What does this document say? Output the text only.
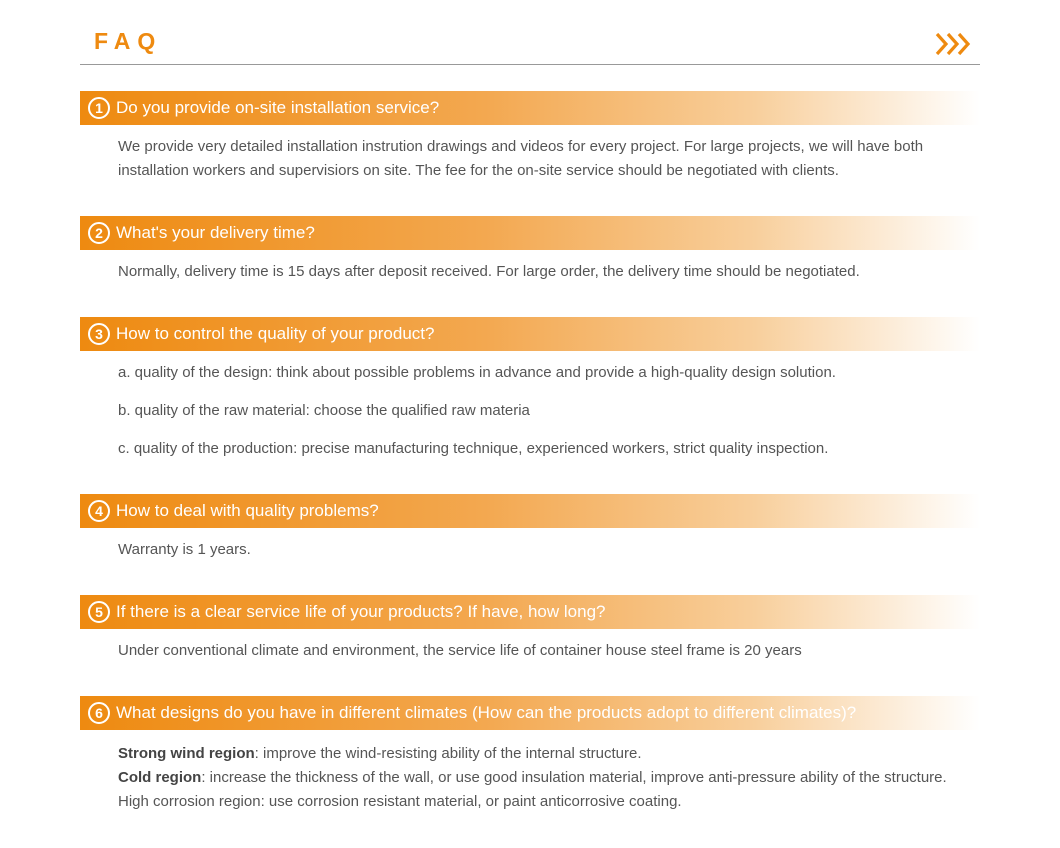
FAQ
1 Do you provide on-site installation service?

We provide very detailed installation instrution drawings and videos for every project. For large projects, we will have both installation workers and supervisiors on site. The fee for the on-site service should be negotiated with clients.

2 What's your delivery time?

Normally, delivery time is 15 days after deposit received. For large order, the delivery time should be negotiated.

3 How to control the quality of your product?

a. quality of the design: think about possible problems in advance and provide a high-quality design solution.

b. quality of the raw material: choose the qualified raw materia

c. quality of the production: precise manufacturing technique, experienced workers, strict quality inspection.

4 How to deal with quality problems?

Warranty is 1 years.

5 If there is a clear service life of your products? If have, how long?

Under conventional climate and environment, the service life of container house steel frame is 20 years

6 What designs do you have in different climates (How can the products adopt to different climates)?

Strong wind region: improve the wind-resisting ability of the internal structure.

Cold region: increase the thickness of the wall, or use good insulation material, improve anti-pressure ability of the structure. High corrosion region: use corrosion resistant material, or paint anticorrosive coating.
